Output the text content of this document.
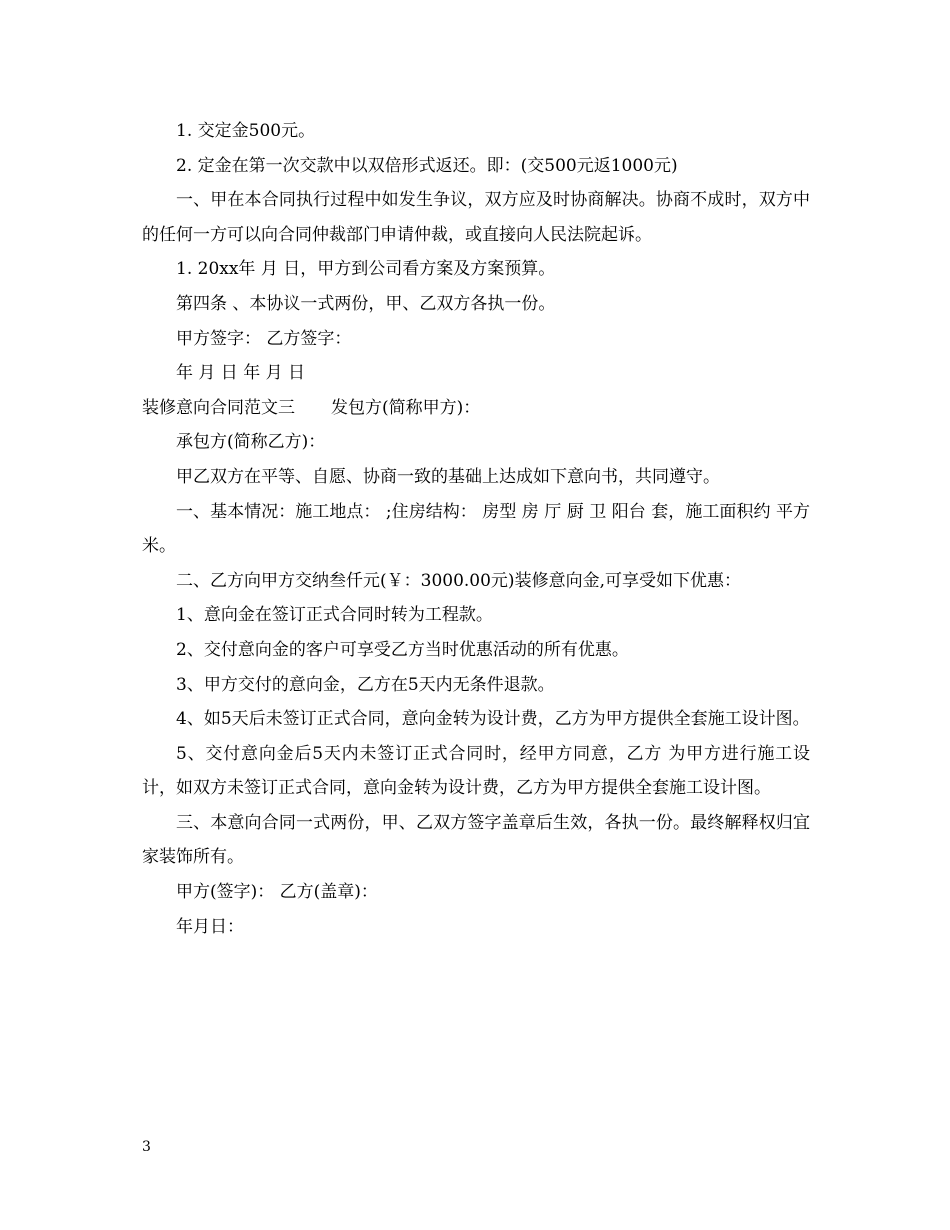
1. 交定金500元。

2. 定金在第一次交款中以双倍形式返还。即：(交500元返1000元)

一、甲在本合同执行过程中如发生争议，双方应及时协商解决。协商不成时，双方中的任何一方可以向合同仲裁部门申请仲裁，或直接向人民法院起诉。

1. 20xx年 月 日，甲方到公司看方案及方案预算。

第四条 、本协议一式两份，甲、乙双方各执一份。

甲方签字： 乙方签字：

年 月 日 年 月 日

装修意向合同范文三 发包方(简称甲方)：

承包方(简称乙方)：

甲乙双方在平等、自愿、协商一致的基础上达成如下意向书，共同遵守。

一、基本情况：施工地点： ;住房结构： 房型 房 厅 厨 卫 阳台 套，施工面积约 平方米。

二、乙方向甲方交纳叁仟元(￥：3000.00元)装修意向金,可享受如下优惠：

1、意向金在签订正式合同时转为工程款。

2、交付意向金的客户可享受乙方当时优惠活动的所有优惠。

3、甲方交付的意向金，乙方在5天内无条件退款。

4、如5天后未签订正式合同，意向金转为设计费，乙方为甲方提供全套施工设计图。

5、交付意向金后5天内未签订正式合同时，经甲方同意，乙方 为甲方进行施工设计，如双方未签订正式合同，意向金转为设计费，乙方为甲方提供全套施工设计图。

三、本意向合同一式两份，甲、乙双方签字盖章后生效，各执一份。最终解释权归宜家装饰所有。

甲方(签字)： 乙方(盖章)：

年月日：

3
